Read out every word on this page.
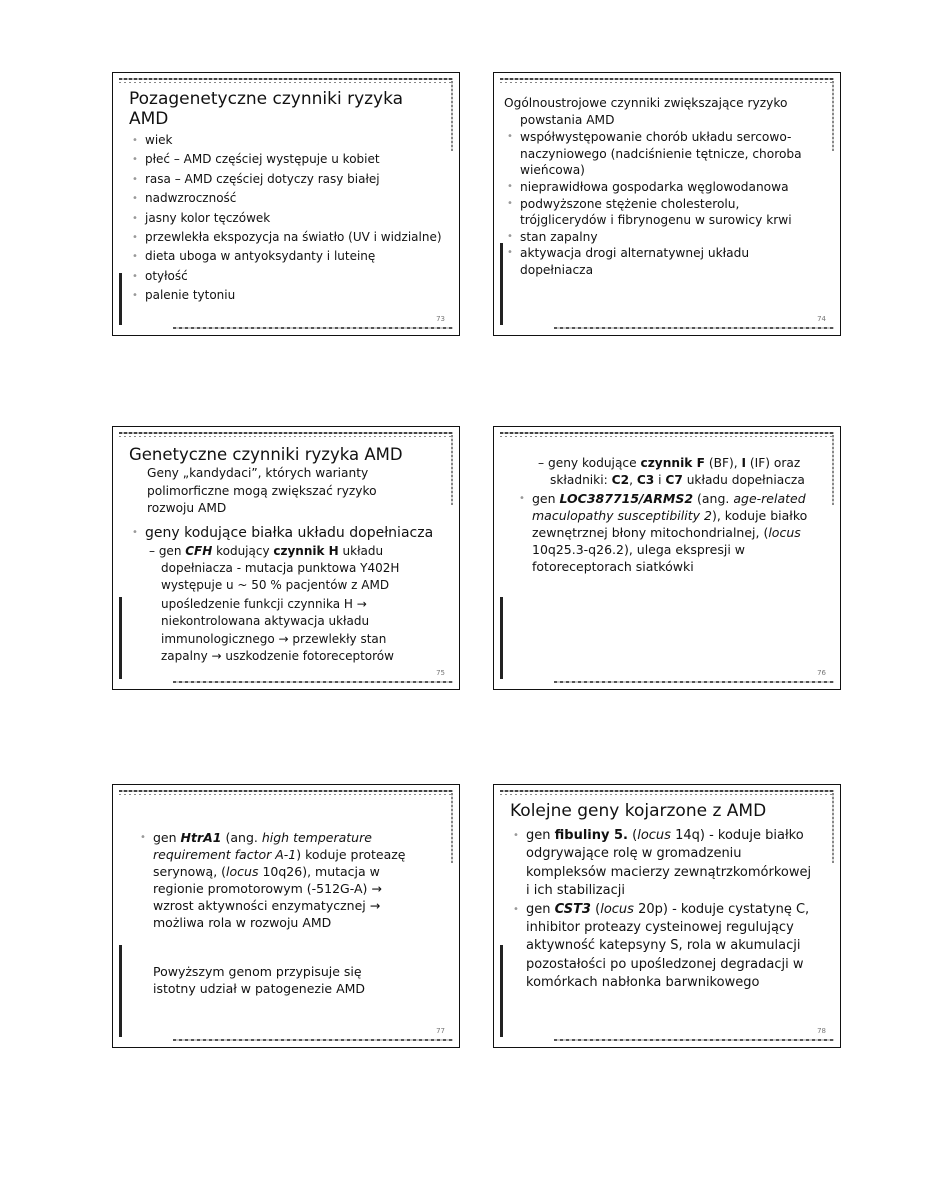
Pozagenetyczne czynniki ryzyka AMD
• wiek
• płeć – AMD częściej występuje u kobiet
• rasa – AMD częściej dotyczy rasy białej
• nadwzroczność
• jasny kolor tęczówek
• przewlekła ekspozycja na światło (UV i widzialne)
• dieta uboga w antyoksydanty i luteinę
• otyłość
• palenie tytoniu
73
Ogólnoustrojowe czynniki zwiększające ryzyko powstania AMD
• współwystępowanie chorób układu sercowo-naczyniowego (nadciśnienie tętnicze, choroba wieńcowa)
• nieprawidłowa gospodarka węglowodanowa
• podwyższone stężenie cholesterolu, trójglicerydów i fibrynogenu w surowicy krwi
• stan zapalny
• aktywacja drogi alternatywnej układu dopełniacza
74
Genetyczne czynniki ryzyka AMD
Geny „kandydaci”, których warianty polimorficzne mogą zwiększać ryzyko rozwoju AMD
• geny kodujące białka układu dopełniacza
– gen CFH kodujący czynnik H układu dopełniacza - mutacja punktowa Y402H występuje u ~ 50 % pacjentów z AMD
upośledzenie funkcji czynnika H → niekontrolowana aktywacja układu immunologicznego → przewlekły stan zapalny → uszkodzenie fotoreceptorów
75
– geny kodujące czynnik F (BF), I (IF) oraz składniki: C2, C3 i C7 układu dopełniacza
• gen LOC387715/ARMS2 (ang. age-related maculopathy susceptibility 2), koduje białko zewnętrznej błony mitochondrialnej, (locus 10q25.3-q26.2), ulega ekspresji w fotoreceptorach siatkówki
76
• gen HtrA1 (ang. high temperature requirement factor A-1) koduje proteazę serynową, (locus 10q26), mutacja w regionie promotorowym (-512G-A) → wzrost aktywności enzymatycznej → możliwa rola w rozwoju AMD
Powyższym genom przypisuje się istotny udział w patogenezie AMD
77
Kolejne geny kojarzone z AMD
• gen fibuliny 5. (locus 14q) - koduje białko odgrywające rolę w gromadzeniu kompleksów macierzy zewnątrzkomórkowej i ich stabilizacji
• gen CST3 (locus 20p) - koduje cystatynę C, inhibitor proteazy cysteinowej regulujący aktywność katepsyny S, rola w akumulacji pozostałości po upośledzonej degradacji w komórkach nabłonka barwnikowego
78
